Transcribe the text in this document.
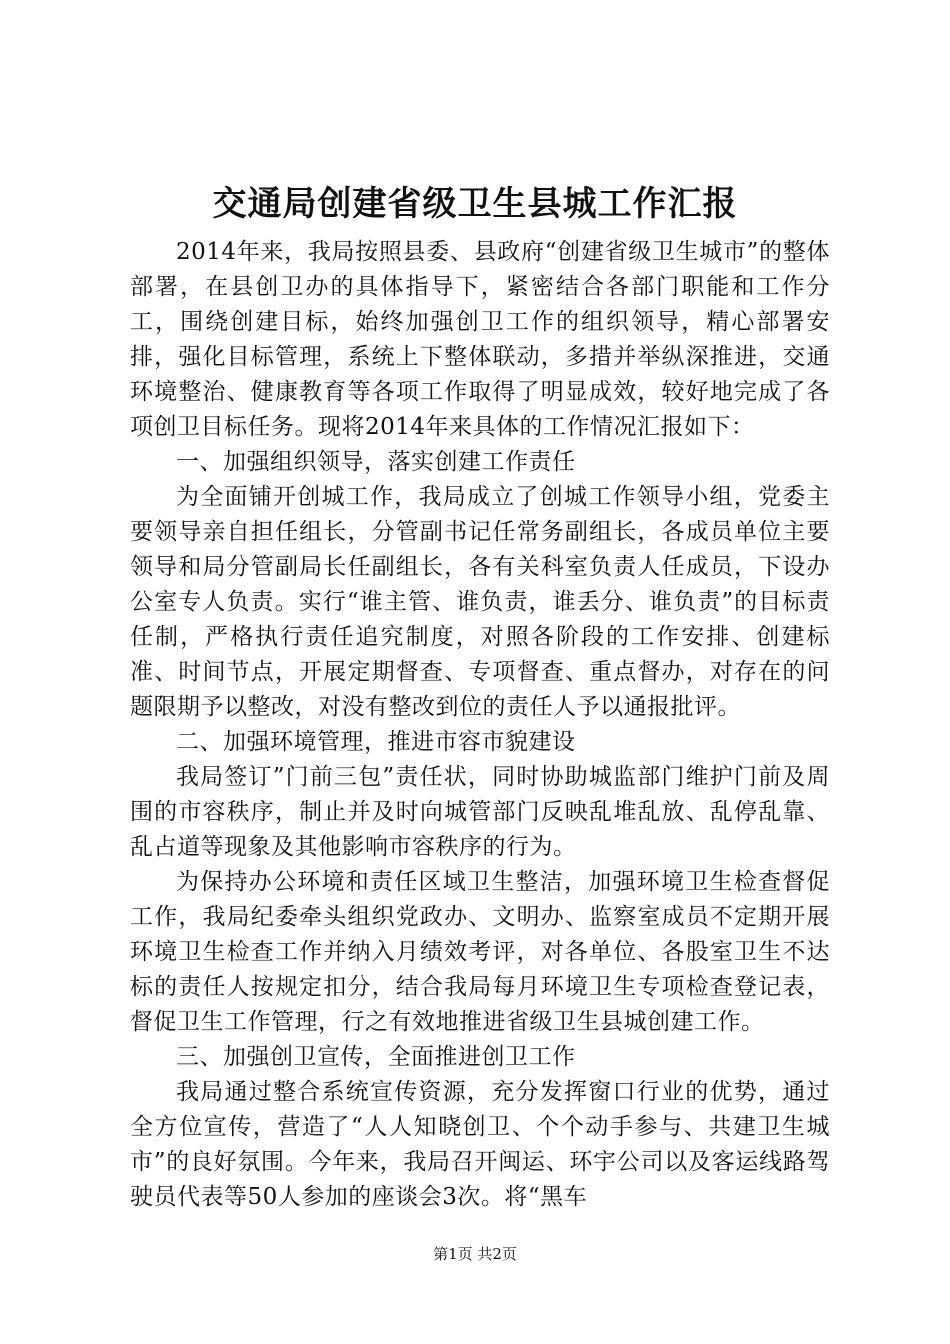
交通局创建省级卫生县城工作汇报

2014年来，我局按照县委、县政府“创建省级卫生城市”的整体部署，在县创卫办的具体指导下，紧密结合各部门职能和工作分工，围绕创建目标，始终加强创卫工作的组织领导，精心部署安排，强化目标管理，系统上下整体联动，多措并举纵深推进，交通环境整治、健康教育等各项工作取得了明显成效，较好地完成了各项创卫目标任务。现将2014年来具体的工作情况汇报如下：

一、加强组织领导，落实创建工作责任

为全面铺开创城工作，我局成立了创城工作领导小组，党委主要领导亲自担任组长，分管副书记任常务副组长，各成员单位主要领导和局分管副局长任副组长，各有关科室负责人任成员，下设办公室专人负责。实行“谁主管、谁负责，谁丢分、谁负责”的目标责任制，严格执行责任追究制度，对照各阶段的工作安排、创建标准、时间节点，开展定期督查、专项督查、重点督办，对存在的问题限期予以整改，对没有整改到位的责任人予以通报批评。

二、加强环境管理，推进市容市貌建设

我局签订”门前三包”责任状，同时协助城监部门维护门前及周围的市容秩序，制止并及时向城管部门反映乱堆乱放、乱停乱靠、乱占道等现象及其他影响市容秩序的行为。

为保持办公环境和责任区域卫生整洁，加强环境卫生检查督促工作，我局纪委牵头组织党政办、文明办、监察室成员不定期开展环境卫生检查工作并纳入月绩效考评，对各单位、各股室卫生不达标的责任人按规定扣分，结合我局每月环境卫生专项检查登记表，督促卫生工作管理，行之有效地推进省级卫生县城创建工作。

三、加强创卫宣传，全面推进创卫工作

我局通过整合系统宣传资源，充分发挥窗口行业的优势，通过全方位宣传，营造了“人人知晓创卫、个个动手参与、共建卫生城市”的良好氛围。今年来，我局召开闽运、环宇公司以及客运线路驾驶员代表等50人参加的座谈会3次。将“黑车

第1页 共2页
